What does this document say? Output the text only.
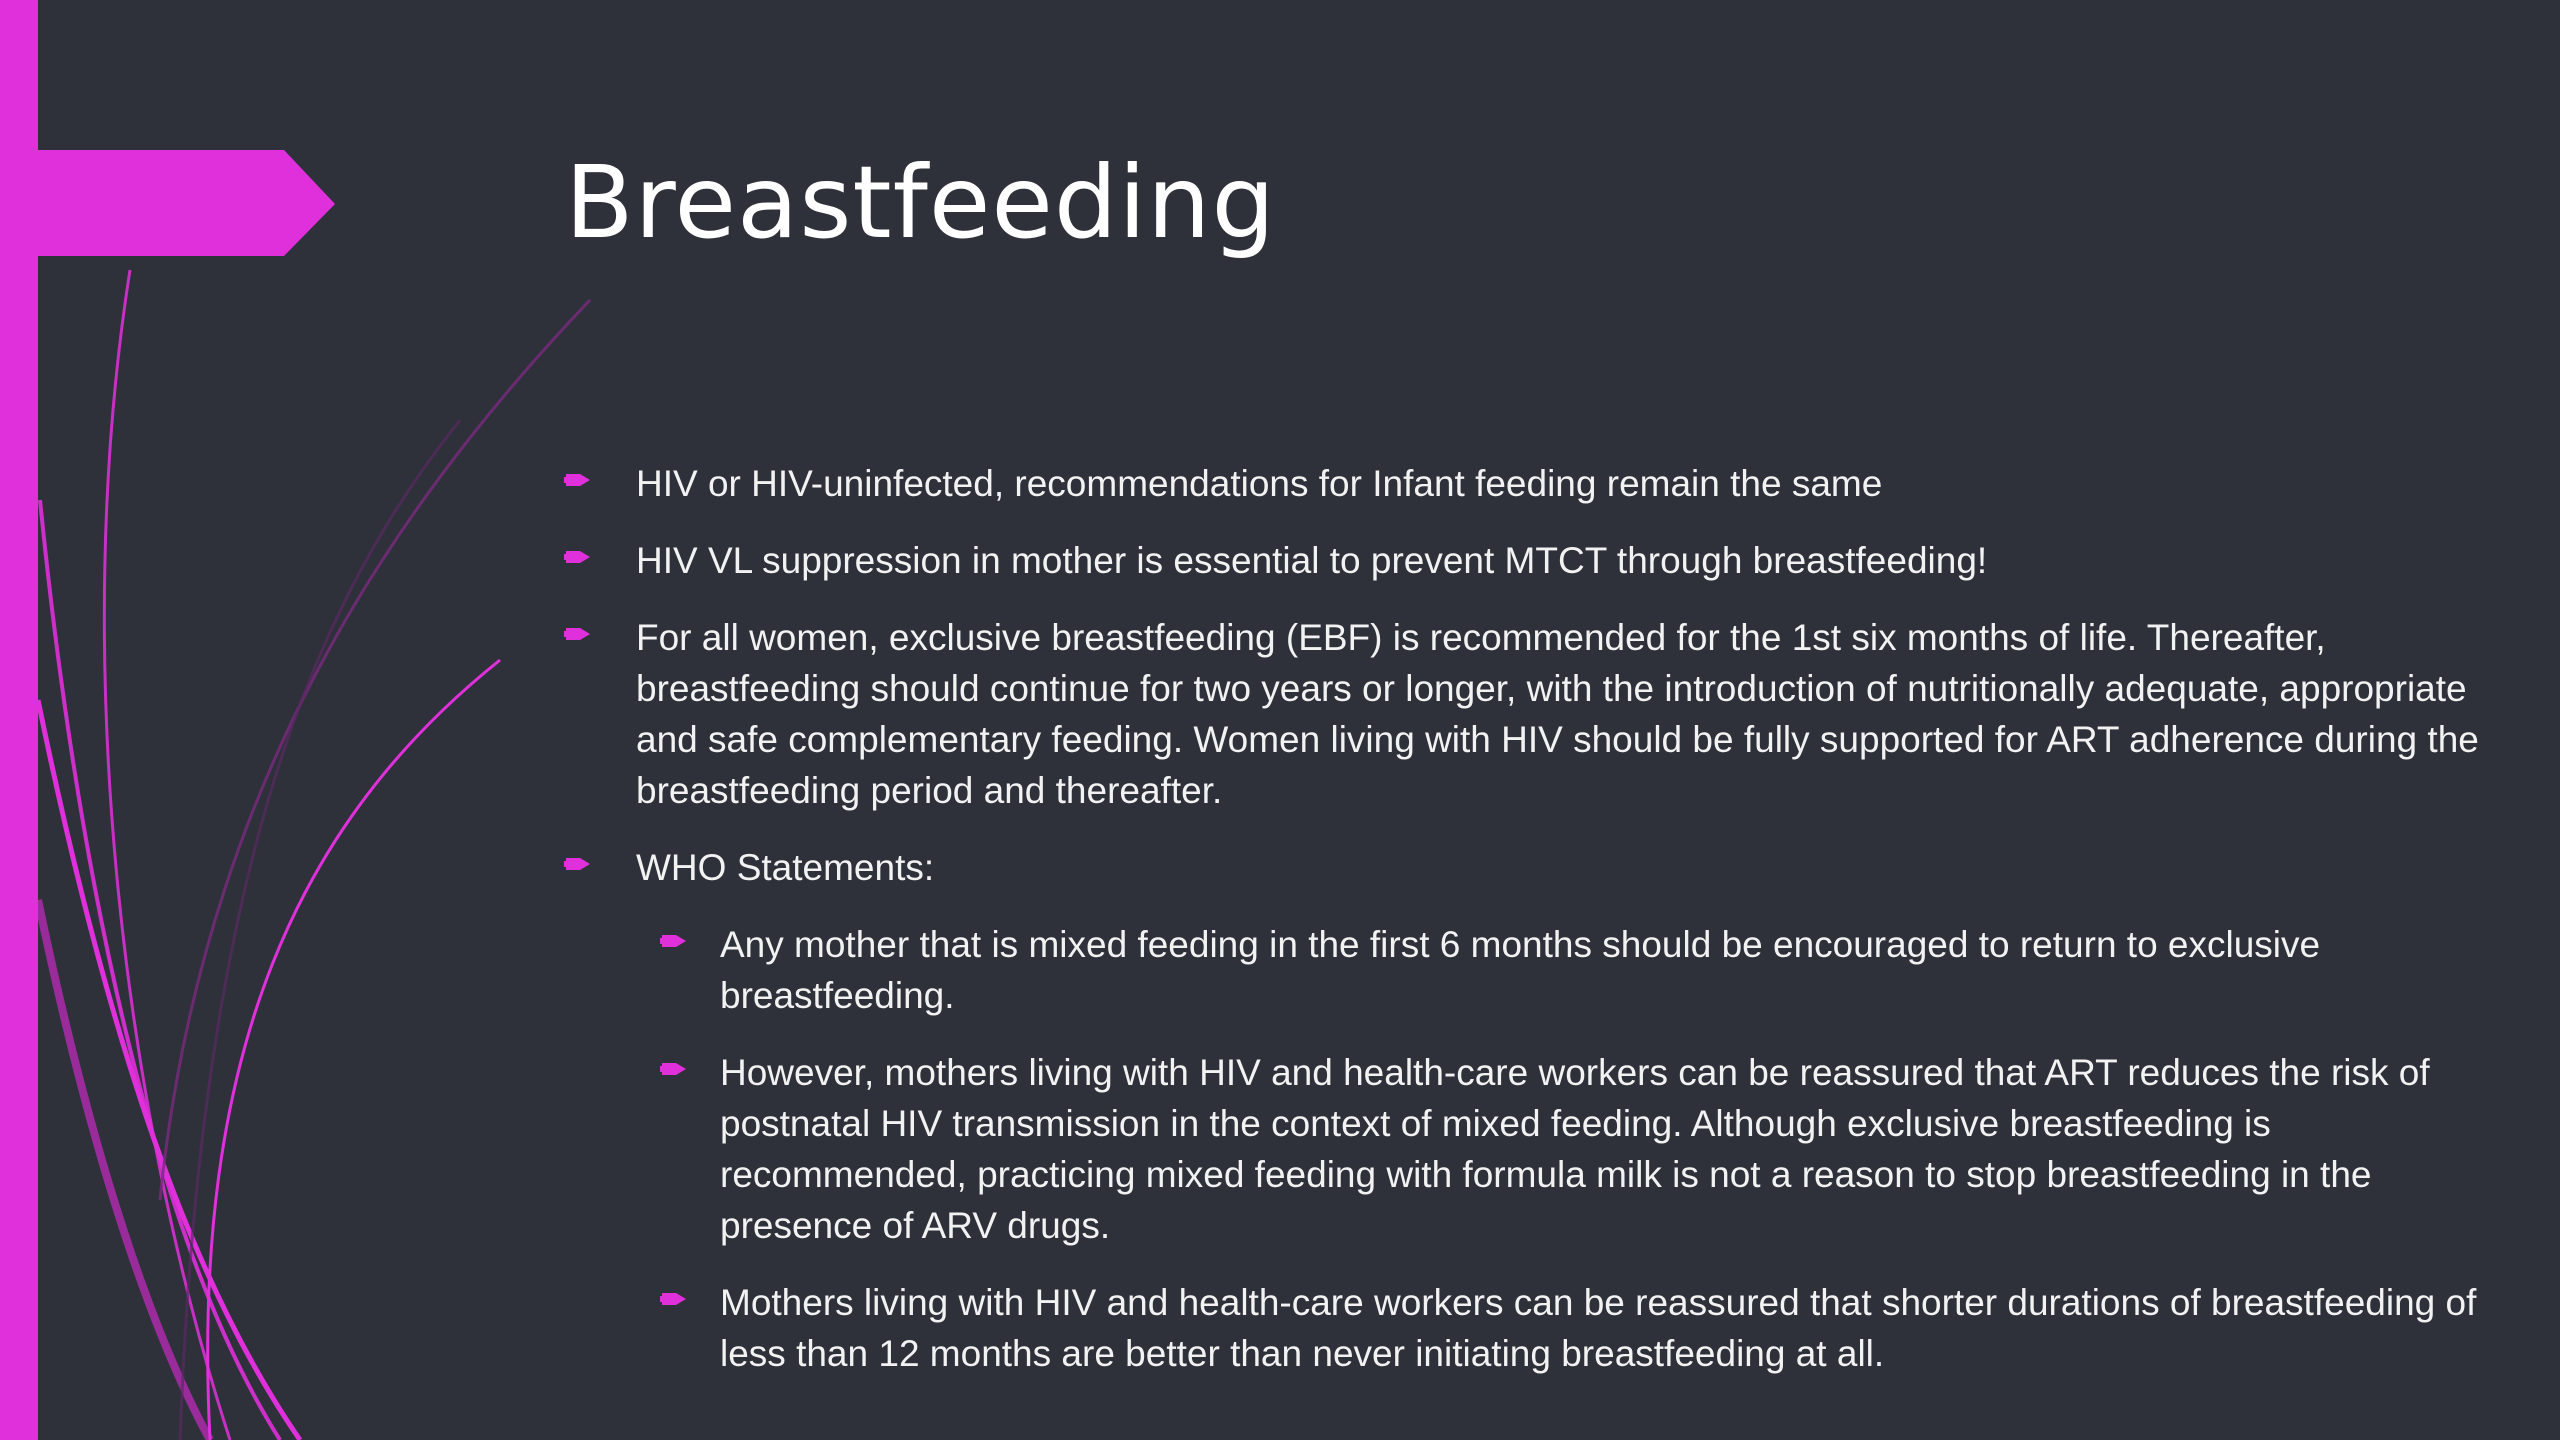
Breastfeeding
HIV or HIV-uninfected, recommendations for Infant feeding remain the same
HIV VL suppression in mother is essential to prevent MTCT through breastfeeding!
For all women, exclusive breastfeeding (EBF) is recommended for the 1st six months of life. Thereafter, breastfeeding should continue for two years or longer, with the introduction of nutritionally adequate, appropriate and safe complementary feeding. Women living with HIV should be fully supported for ART adherence during the breastfeeding period and thereafter.
WHO Statements:
Any mother that is mixed feeding in the first 6 months should be encouraged to return to exclusive breastfeeding.
However, mothers living with HIV and health-care workers can be reassured that ART reduces the risk of postnatal HIV transmission in the context of mixed feeding. Although exclusive breastfeeding is recommended, practicing mixed feeding with formula milk is not a reason to stop breastfeeding in the presence of ARV drugs.
Mothers living with HIV and health-care workers can be reassured that shorter durations of breastfeeding of less than 12 months are better than never initiating breastfeeding at all.
